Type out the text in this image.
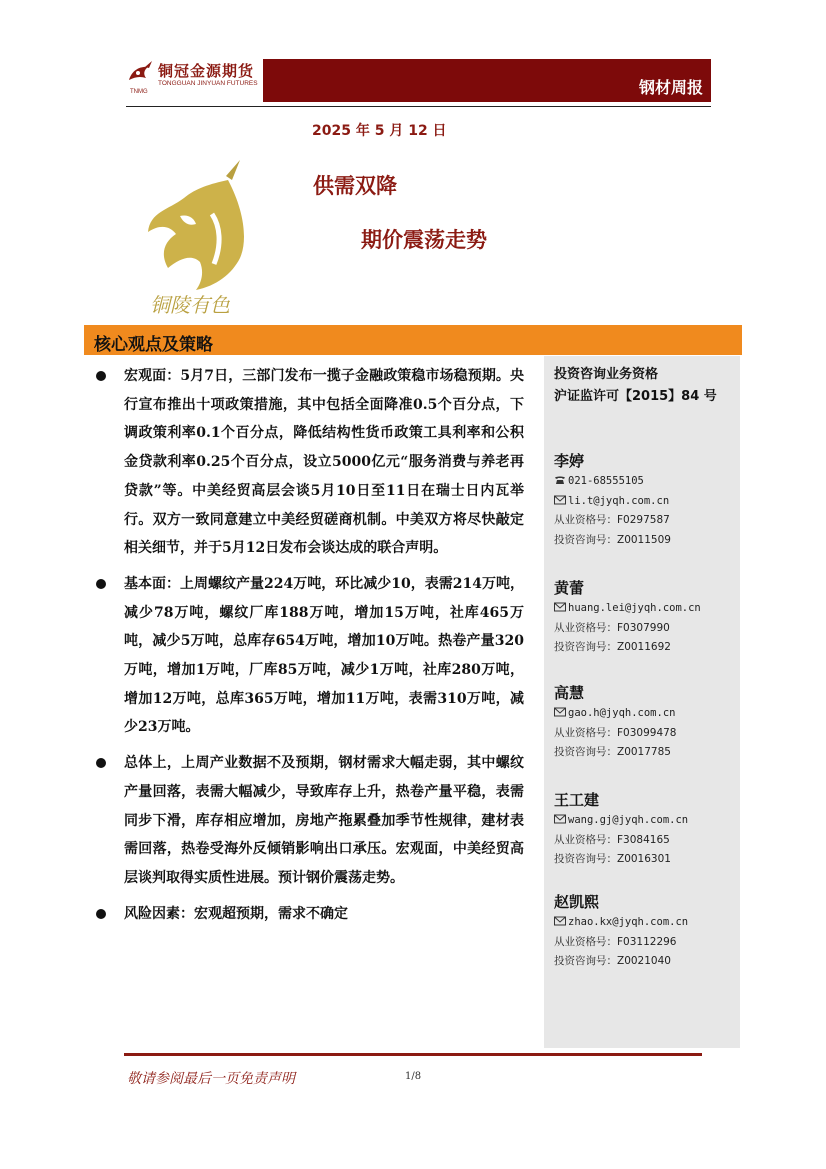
铜冠金源期货
TONGGUAN JINYUAN FUTURES
TNMG	钢材周报
2025 年 5 月 12 日
铜陵有色
供需双降
期价震荡走势
核心观点及策略
投资咨询业务资格
沪证监许可【2015】84 号
李婷
021-68555105
li.t@jyqh.com.cn
从业资格号：F0297587
投资咨询号：Z0011509
黄蕾
huang.lei@jyqh.com.cn
从业资格号：F0307990
投资咨询号：Z0011692
高慧
gao.h@jyqh.com.cn
从业资格号：F03099478
投资咨询号：Z0017785
王工建
wang.gj@jyqh.com.cn
从业资格号：F3084165
投资咨询号：Z0016301
赵凯熙
zhao.kx@jyqh.com.cn
从业资格号：F03112296
投资咨询号：Z0021040
宏观面：5月7日，三部门发布一揽子金融政策稳市场稳预期。央行宣布推出十项政策措施，其中包括全面降准0.5个百分点，下调政策利率0.1个百分点，降低结构性货币政策工具利率和公积金贷款利率0.25个百分点，设立5000亿元“服务消费与养老再贷款”等。中美经贸高层会谈5月10日至11日在瑞士日内瓦举行。双方一致同意建立中美经贸磋商机制。中美双方将尽快敲定相关细节，并于5月12日发布会谈达成的联合声明。
基本面：上周螺纹产量224万吨，环比减少10，表需214万吨，减少78万吨，螺纹厂库188万吨，增加15万吨，社库465万吨，减少5万吨，总库存654万吨，增加10万吨。热卷产量320万吨，增加1万吨，厂库85万吨，减少1万吨，社库280万吨，增加12万吨，总库365万吨，增加11万吨，表需310万吨，减少23万吨。
总体上，上周产业数据不及预期，钢材需求大幅走弱，其中螺纹产量回落，表需大幅减少，导致库存上升，热卷产量平稳，表需同步下滑，库存相应增加，房地产拖累叠加季节性规律，建材表需回落，热卷受海外反倾销影响出口承压。宏观面，中美经贸高层谈判取得实质性进展。预计钢价震荡走势。
风险因素：宏观超预期，需求不确定
敬请参阅最后一页免责声明	1/8
